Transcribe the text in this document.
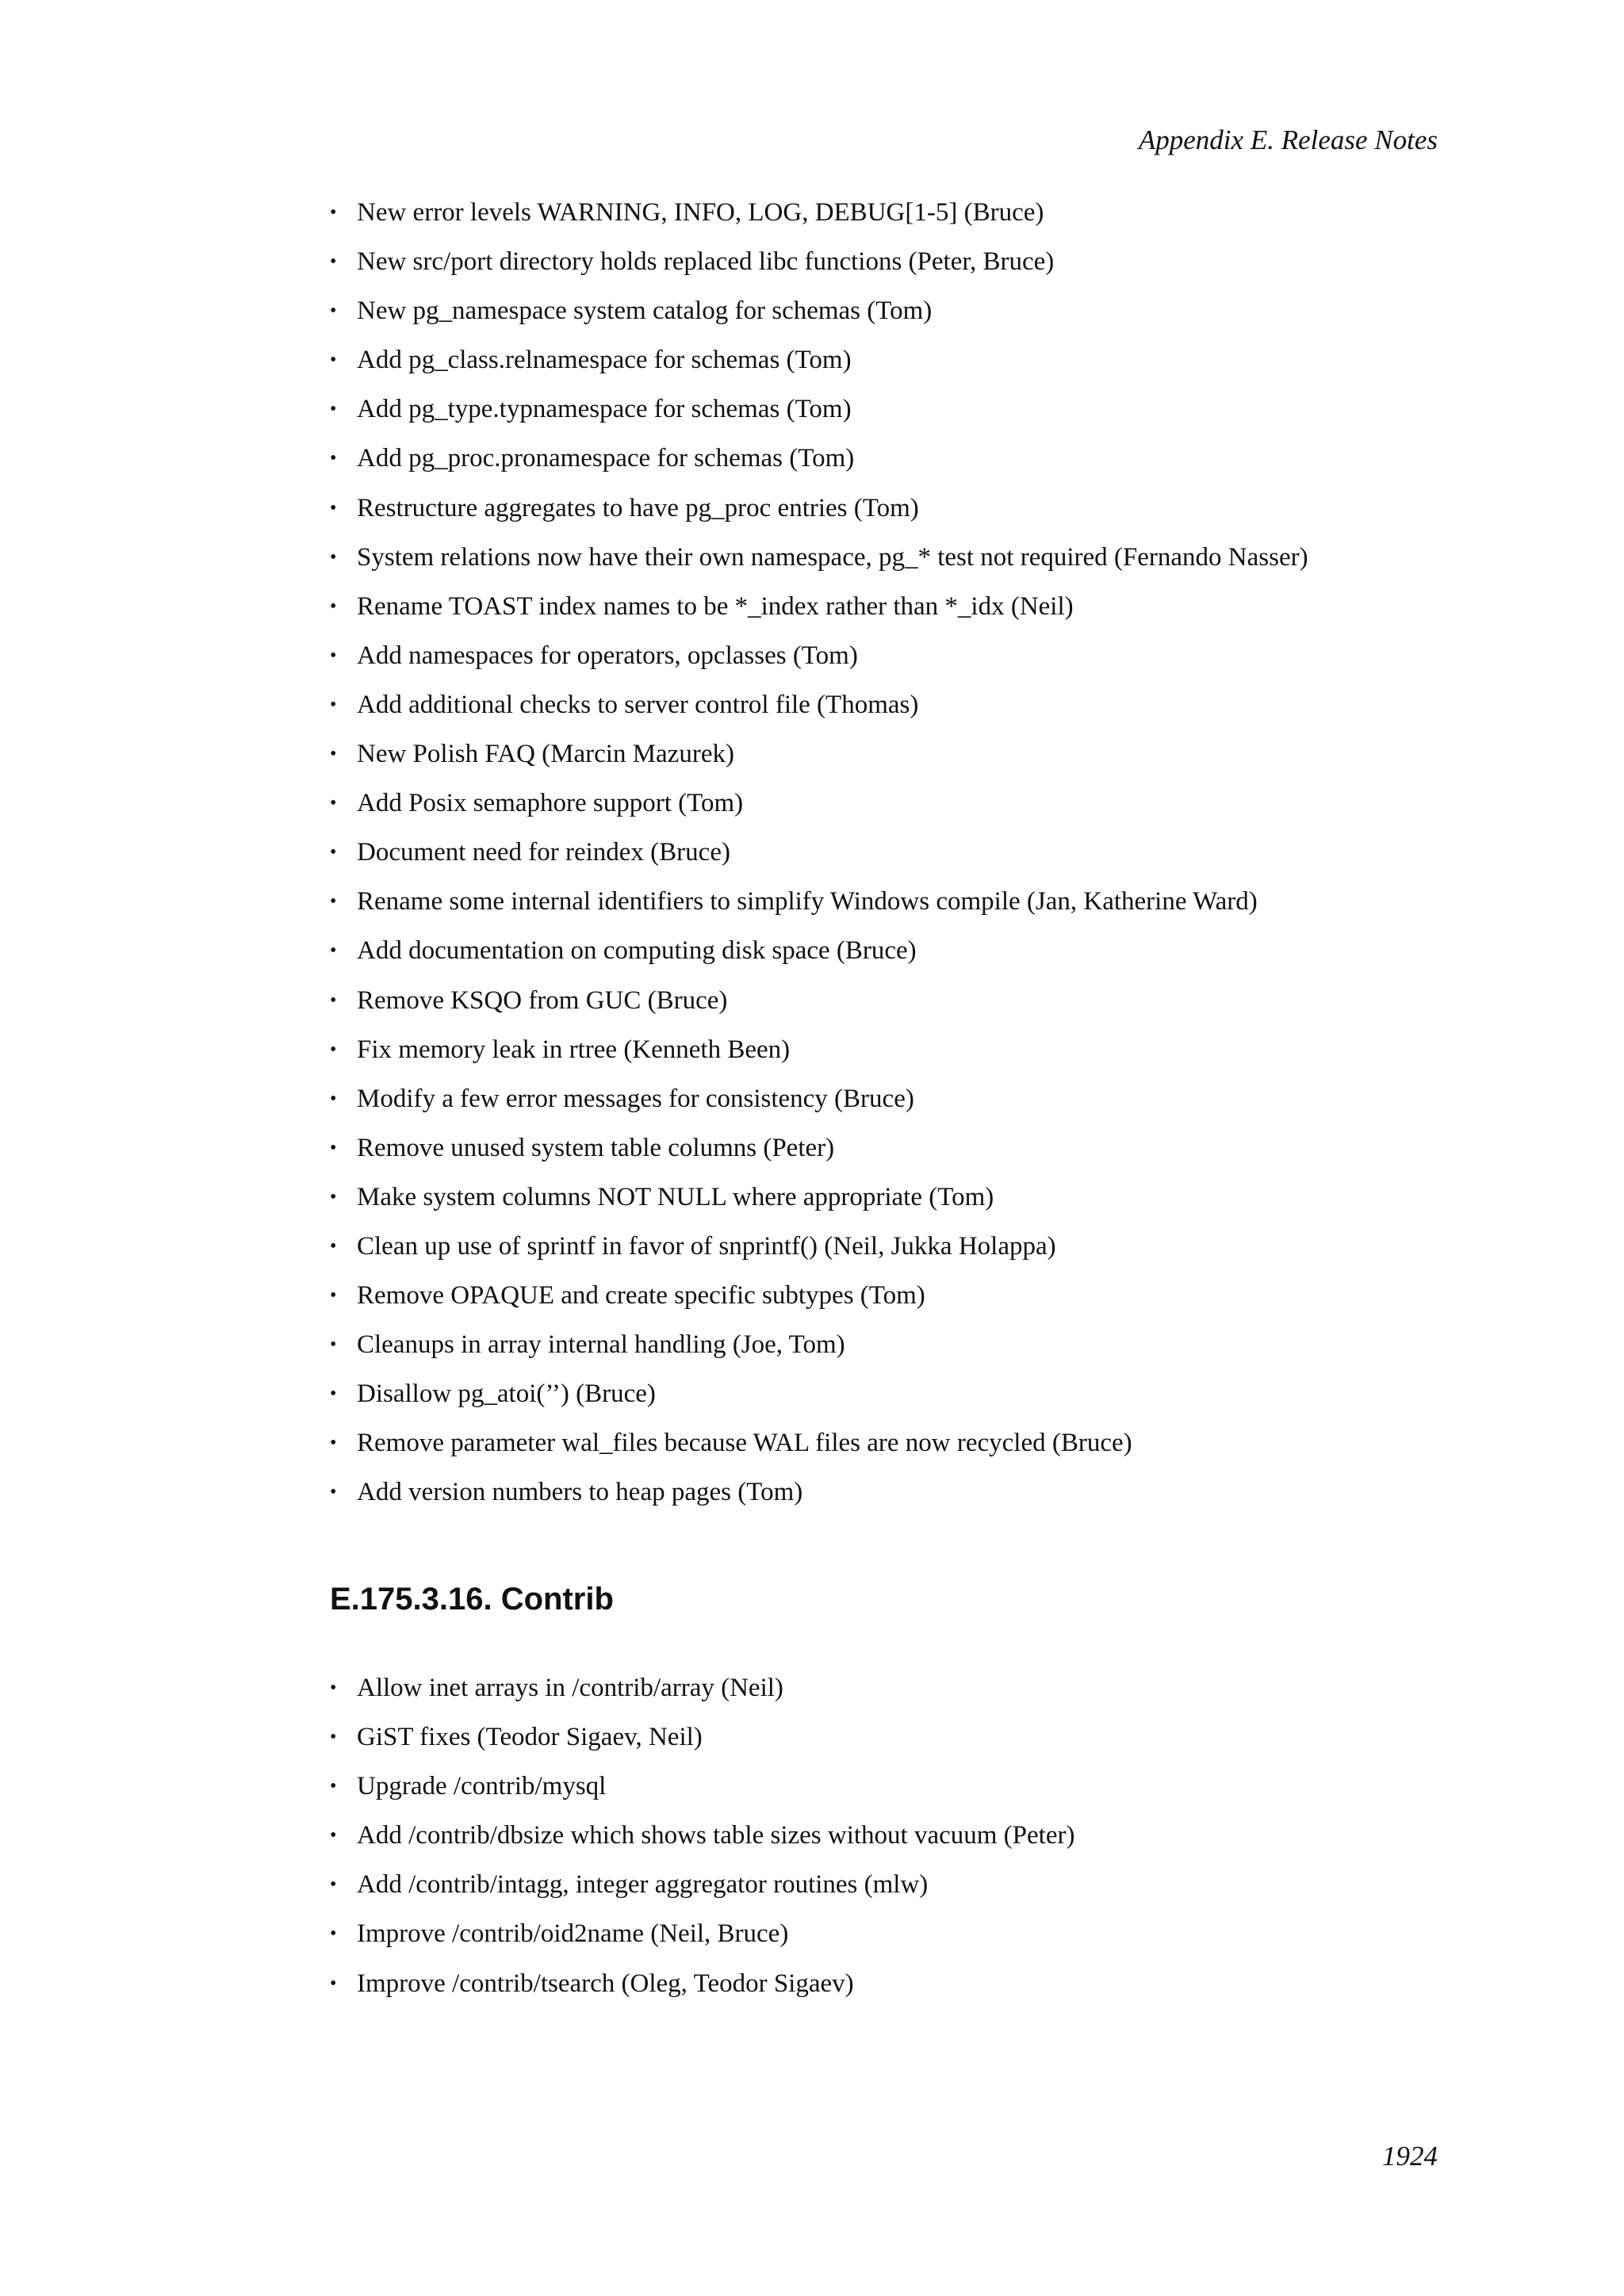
Appendix E. Release Notes
• New error levels WARNING, INFO, LOG, DEBUG[1-5] (Bruce)
• New src/port directory holds replaced libc functions (Peter, Bruce)
• New pg_namespace system catalog for schemas (Tom)
• Add pg_class.relnamespace for schemas (Tom)
• Add pg_type.typnamespace for schemas (Tom)
• Add pg_proc.pronamespace for schemas (Tom)
• Restructure aggregates to have pg_proc entries (Tom)
• System relations now have their own namespace, pg_* test not required (Fernando Nasser)
• Rename TOAST index names to be *_index rather than *_idx (Neil)
• Add namespaces for operators, opclasses (Tom)
• Add additional checks to server control file (Thomas)
• New Polish FAQ (Marcin Mazurek)
• Add Posix semaphore support (Tom)
• Document need for reindex (Bruce)
• Rename some internal identifiers to simplify Windows compile (Jan, Katherine Ward)
• Add documentation on computing disk space (Bruce)
• Remove KSQO from GUC (Bruce)
• Fix memory leak in rtree (Kenneth Been)
• Modify a few error messages for consistency (Bruce)
• Remove unused system table columns (Peter)
• Make system columns NOT NULL where appropriate (Tom)
• Clean up use of sprintf in favor of snprintf() (Neil, Jukka Holappa)
• Remove OPAQUE and create specific subtypes (Tom)
• Cleanups in array internal handling (Joe, Tom)
• Disallow pg_atoi(’’) (Bruce)
• Remove parameter wal_files because WAL files are now recycled (Bruce)
• Add version numbers to heap pages (Tom)
E.175.3.16. Contrib
• Allow inet arrays in /contrib/array (Neil)
• GiST fixes (Teodor Sigaev, Neil)
• Upgrade /contrib/mysql
• Add /contrib/dbsize which shows table sizes without vacuum (Peter)
• Add /contrib/intagg, integer aggregator routines (mlw)
• Improve /contrib/oid2name (Neil, Bruce)
• Improve /contrib/tsearch (Oleg, Teodor Sigaev)
1924
